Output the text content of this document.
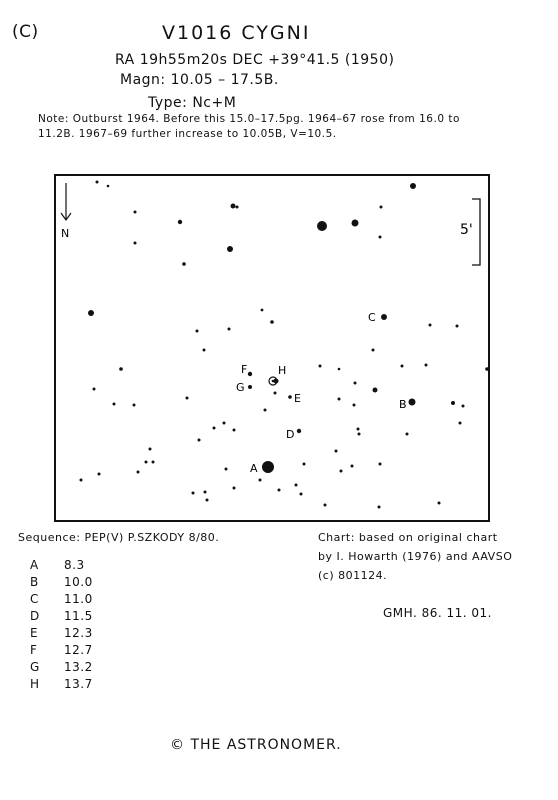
(C)	V1016 CYGNI
RA 19h55m20s DEC +39°41.5 (1950)
Magn: 10.05 – 17.5B.
Type: Nc+M
Note: Outburst 1964. Before this 15.0–17.5pg. 1964–67 rose from 16.0 to
11.2B. 1967–69 further increase to 10.05B, V=10.5.
N	5'
A
B
C
D
E
F
G
H
Sequence: PEP(V) P.SZKODY 8/80.
A 8.3
B 10.0
C 11.0
D 11.5
E 12.3
F 12.7
G 13.2
H 13.7
Chart: based on original chart
by I. Howarth (1976) and AAVSO
(c) 801124.
GMH. 86. 11. 01.
© THE ASTRONOMER.
